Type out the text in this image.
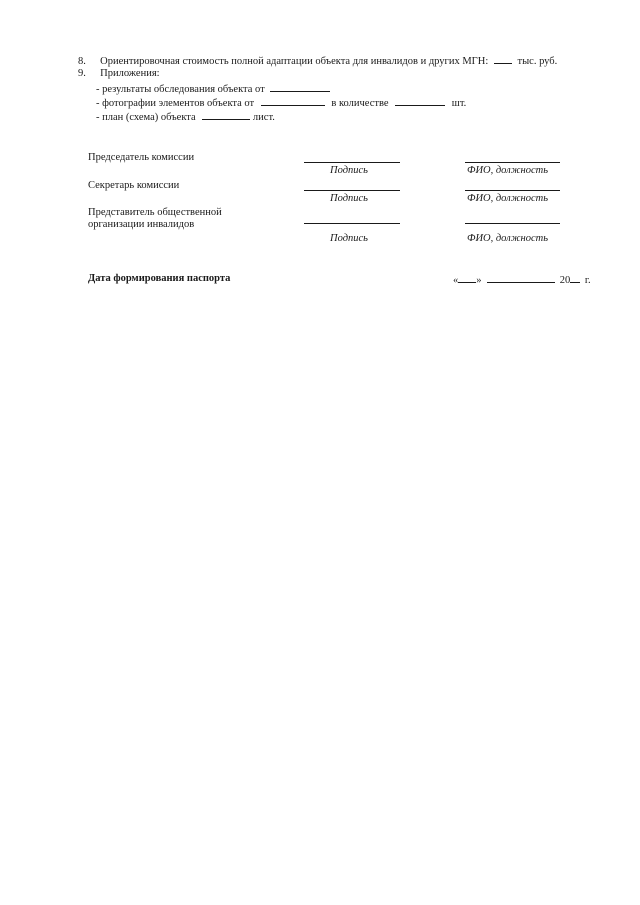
8. Ориентировочная стоимость полной адаптации объекта для инвалидов и других МГН:	тыс. руб.
9. Приложения:
- результаты обследования объекта от
- фотографии элементов объекта от	в количестве	шт.
- план (схема) объекта	лист.
Председатель комиссии
Подпись	ФИО, должность
Секретарь комиссии
Подпись	ФИО, должность
Представитель общественной
организации инвалидов
Подпись	ФИО, должность
Дата формирования паспорта	« »	20 г.
